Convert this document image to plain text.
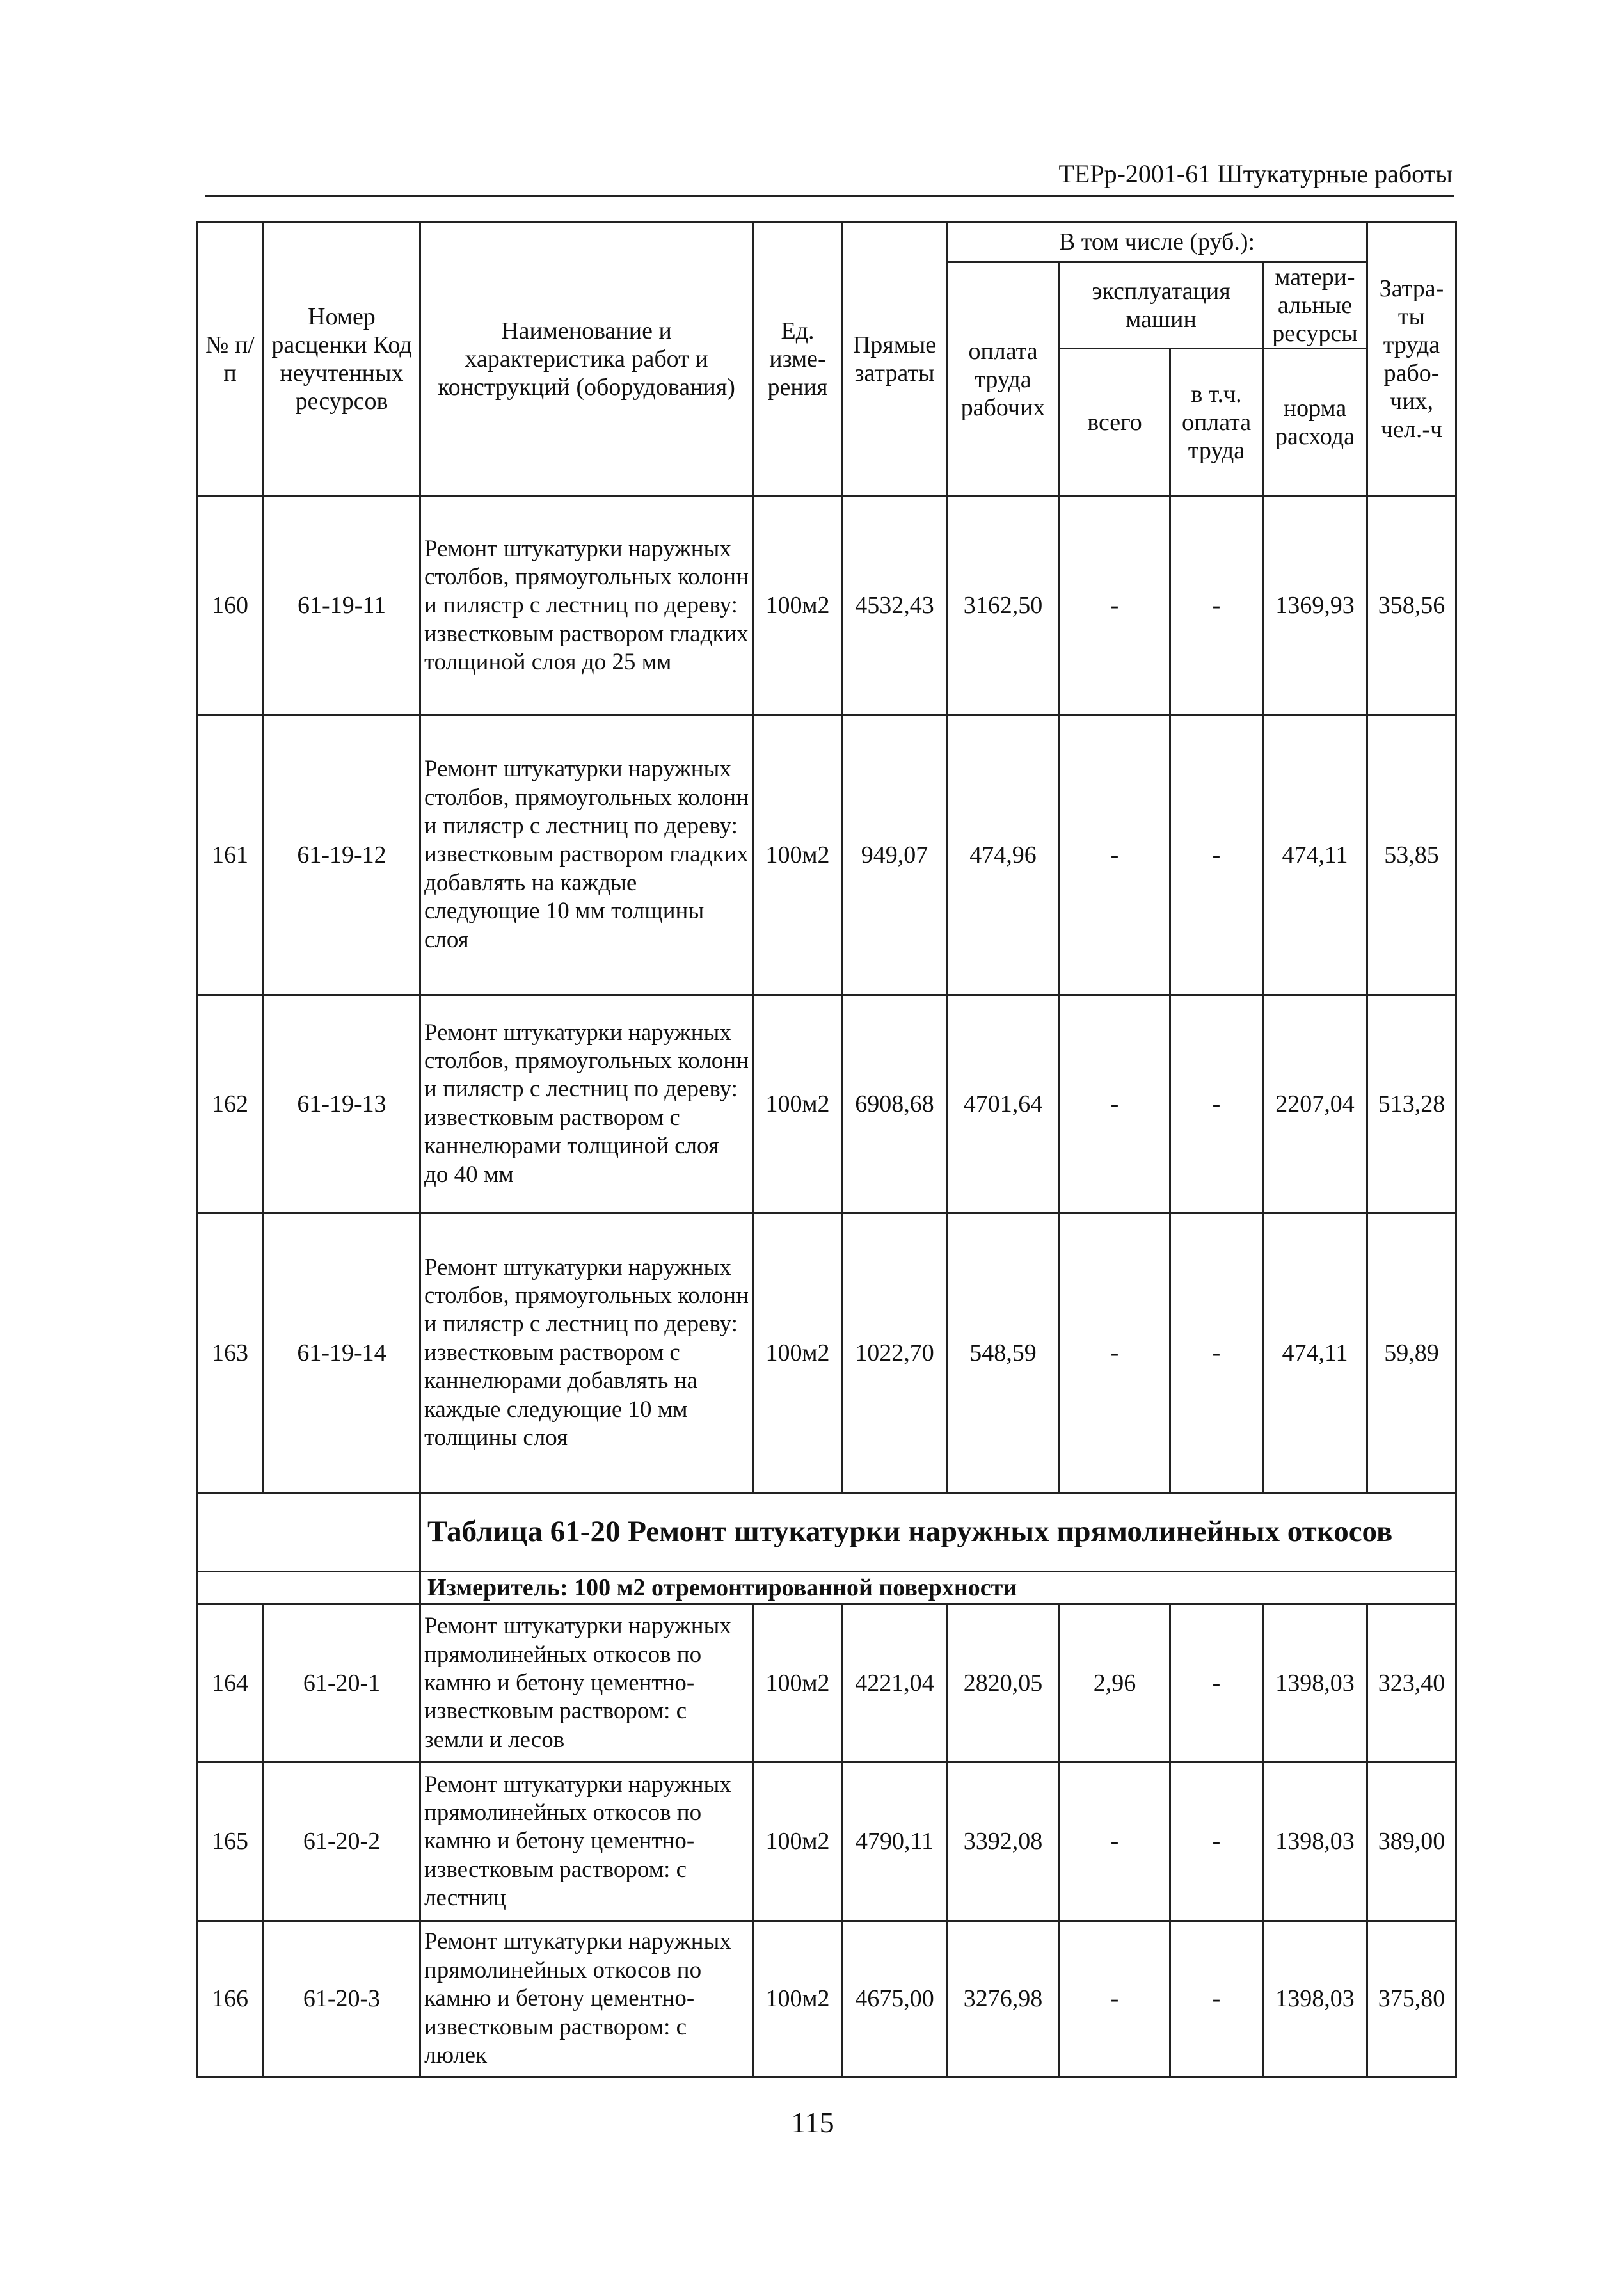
ТЕРр-2001-61 Штукатурные работы
№ п/п	Номер расценки Код неучтенных ресурсов	Наименование и характеристика работ и конструкций (оборудования)	Ед. изме-рения	Прямые затраты	В том числе (руб.):				Затра-ты труда рабо-чих, чел.-ч
					оплата труда рабочих	эксплуатация машин		матери-альные ресурсы	
						всего	в т.ч. оплата труда	норма расхода	

160	61-19-11	Ремонт штукатурки наружных столбов, прямоугольных колонн и пилястр с лестниц по дереву: известковым раствором гладких толщиной слоя до 25 мм	100м2	4532,43	3162,50	-	-	1369,93	358,56
161	61-19-12	Ремонт штукатурки наружных столбов, прямоугольных колонн и пилястр с лестниц по дереву: известковым раствором гладких добавлять на каждые следующие 10 мм толщины слоя	100м2	949,07	474,96	-	-	474,11	53,85
162	61-19-13	Ремонт штукатурки наружных столбов, прямоугольных колонн и пилястр с лестниц по дереву: известковым раствором с каннелюрами толщиной слоя до 40 мм	100м2	6908,68	4701,64	-	-	2207,04	513,28
163	61-19-14	Ремонт штукатурки наружных столбов, прямоугольных колонн и пилястр с лестниц по дереву: известковым раствором с каннелюрами добавлять на каждые следующие 10 мм толщины слоя	100м2	1022,70	548,59	-	-	474,11	59,89
		Таблица 61-20 Ремонт штукатурки наружных прямолинейных откосов							
		Измеритель: 100 м2 отремонтированной поверхности							
164	61-20-1	Ремонт штукатурки наружных прямолинейных откосов по камню и бетону цементно-известковым раствором: с земли и лесов	100м2	4221,04	2820,05	2,96	-	1398,03	323,40
165	61-20-2	Ремонт штукатурки наружных прямолинейных откосов по камню и бетону цементно-известковым раствором: с лестниц	100м2	4790,11	3392,08	-	-	1398,03	389,00
166	61-20-3	Ремонт штукатурки наружных прямолинейных откосов по камню и бетону цементно-известковым раствором: с люлек	100м2	4675,00	3276,98	-	-	1398,03	375,80
115
